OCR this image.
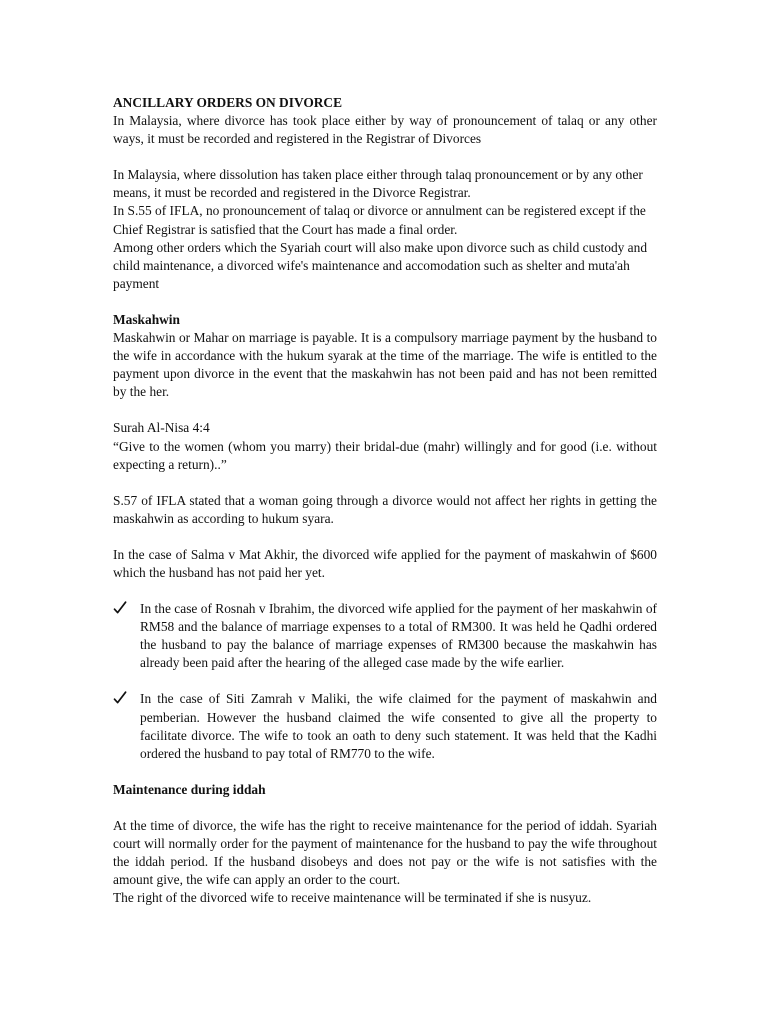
ANCILLARY ORDERS ON DIVORCE

In Malaysia, where divorce has took place either by way of pronouncement of talaq or any other ways, it must be recorded and registered in the Registrar of Divorces

In Malaysia, where dissolution has taken place either through talaq pronouncement or by any other means, it must be recorded and registered in the Divorce Registrar.

In S.55 of IFLA, no pronouncement of talaq or divorce or annulment can be registered except if the Chief Registrar is satisfied that the Court has made a final order.

Among other orders which the Syariah court will also make upon divorce such as child custody and child maintenance, a divorced wife's maintenance and accomodation such as shelter and muta'ah payment

Maskahwin

Maskahwin or Mahar on marriage is payable. It is a compulsory marriage payment by the husband to the wife in accordance with the hukum syarak at the time of the marriage. The wife is entitled to the payment upon divorce in the event that the maskahwin has not been paid and has not been remitted by the her.

Surah Al-Nisa 4:4

“Give to the women (whom you marry) their bridal-due (mahr) willingly and for good (i.e. without expecting a return)..”

S.57 of IFLA stated that a woman going through a divorce would not affect her rights in getting the maskahwin as according to hukum syara.

In the case of Salma v Mat Akhir, the divorced wife applied for the payment of maskahwin of $600 which the husband has not paid her yet.

In the case of Rosnah v Ibrahim, the divorced wife applied for the payment of her maskahwin of RM58 and the balance of marriage expenses to a total of RM300. It was held he Qadhi ordered the husband to pay the balance of marriage expenses of RM300 because the maskahwin has already been paid after the hearing of the alleged case made by the wife earlier.
In the case of Siti Zamrah v Maliki, the wife claimed for the payment of maskahwin and pemberian. However the husband claimed the wife consented to give all the property to facilitate divorce. The wife to took an oath to deny such statement. It was held that the Kadhi ordered the husband to pay total of RM770 to the wife.

Maintenance during iddah

At the time of divorce, the wife has the right to receive maintenance for the period of iddah. Syariah court will normally order for the payment of maintenance for the husband to pay the wife throughout the iddah period. If the husband disobeys and does not pay or the wife is not satisfies with the amount give, the wife can apply an order to the court.

The right of the divorced wife to receive maintenance will be terminated if she is nusyuz.
